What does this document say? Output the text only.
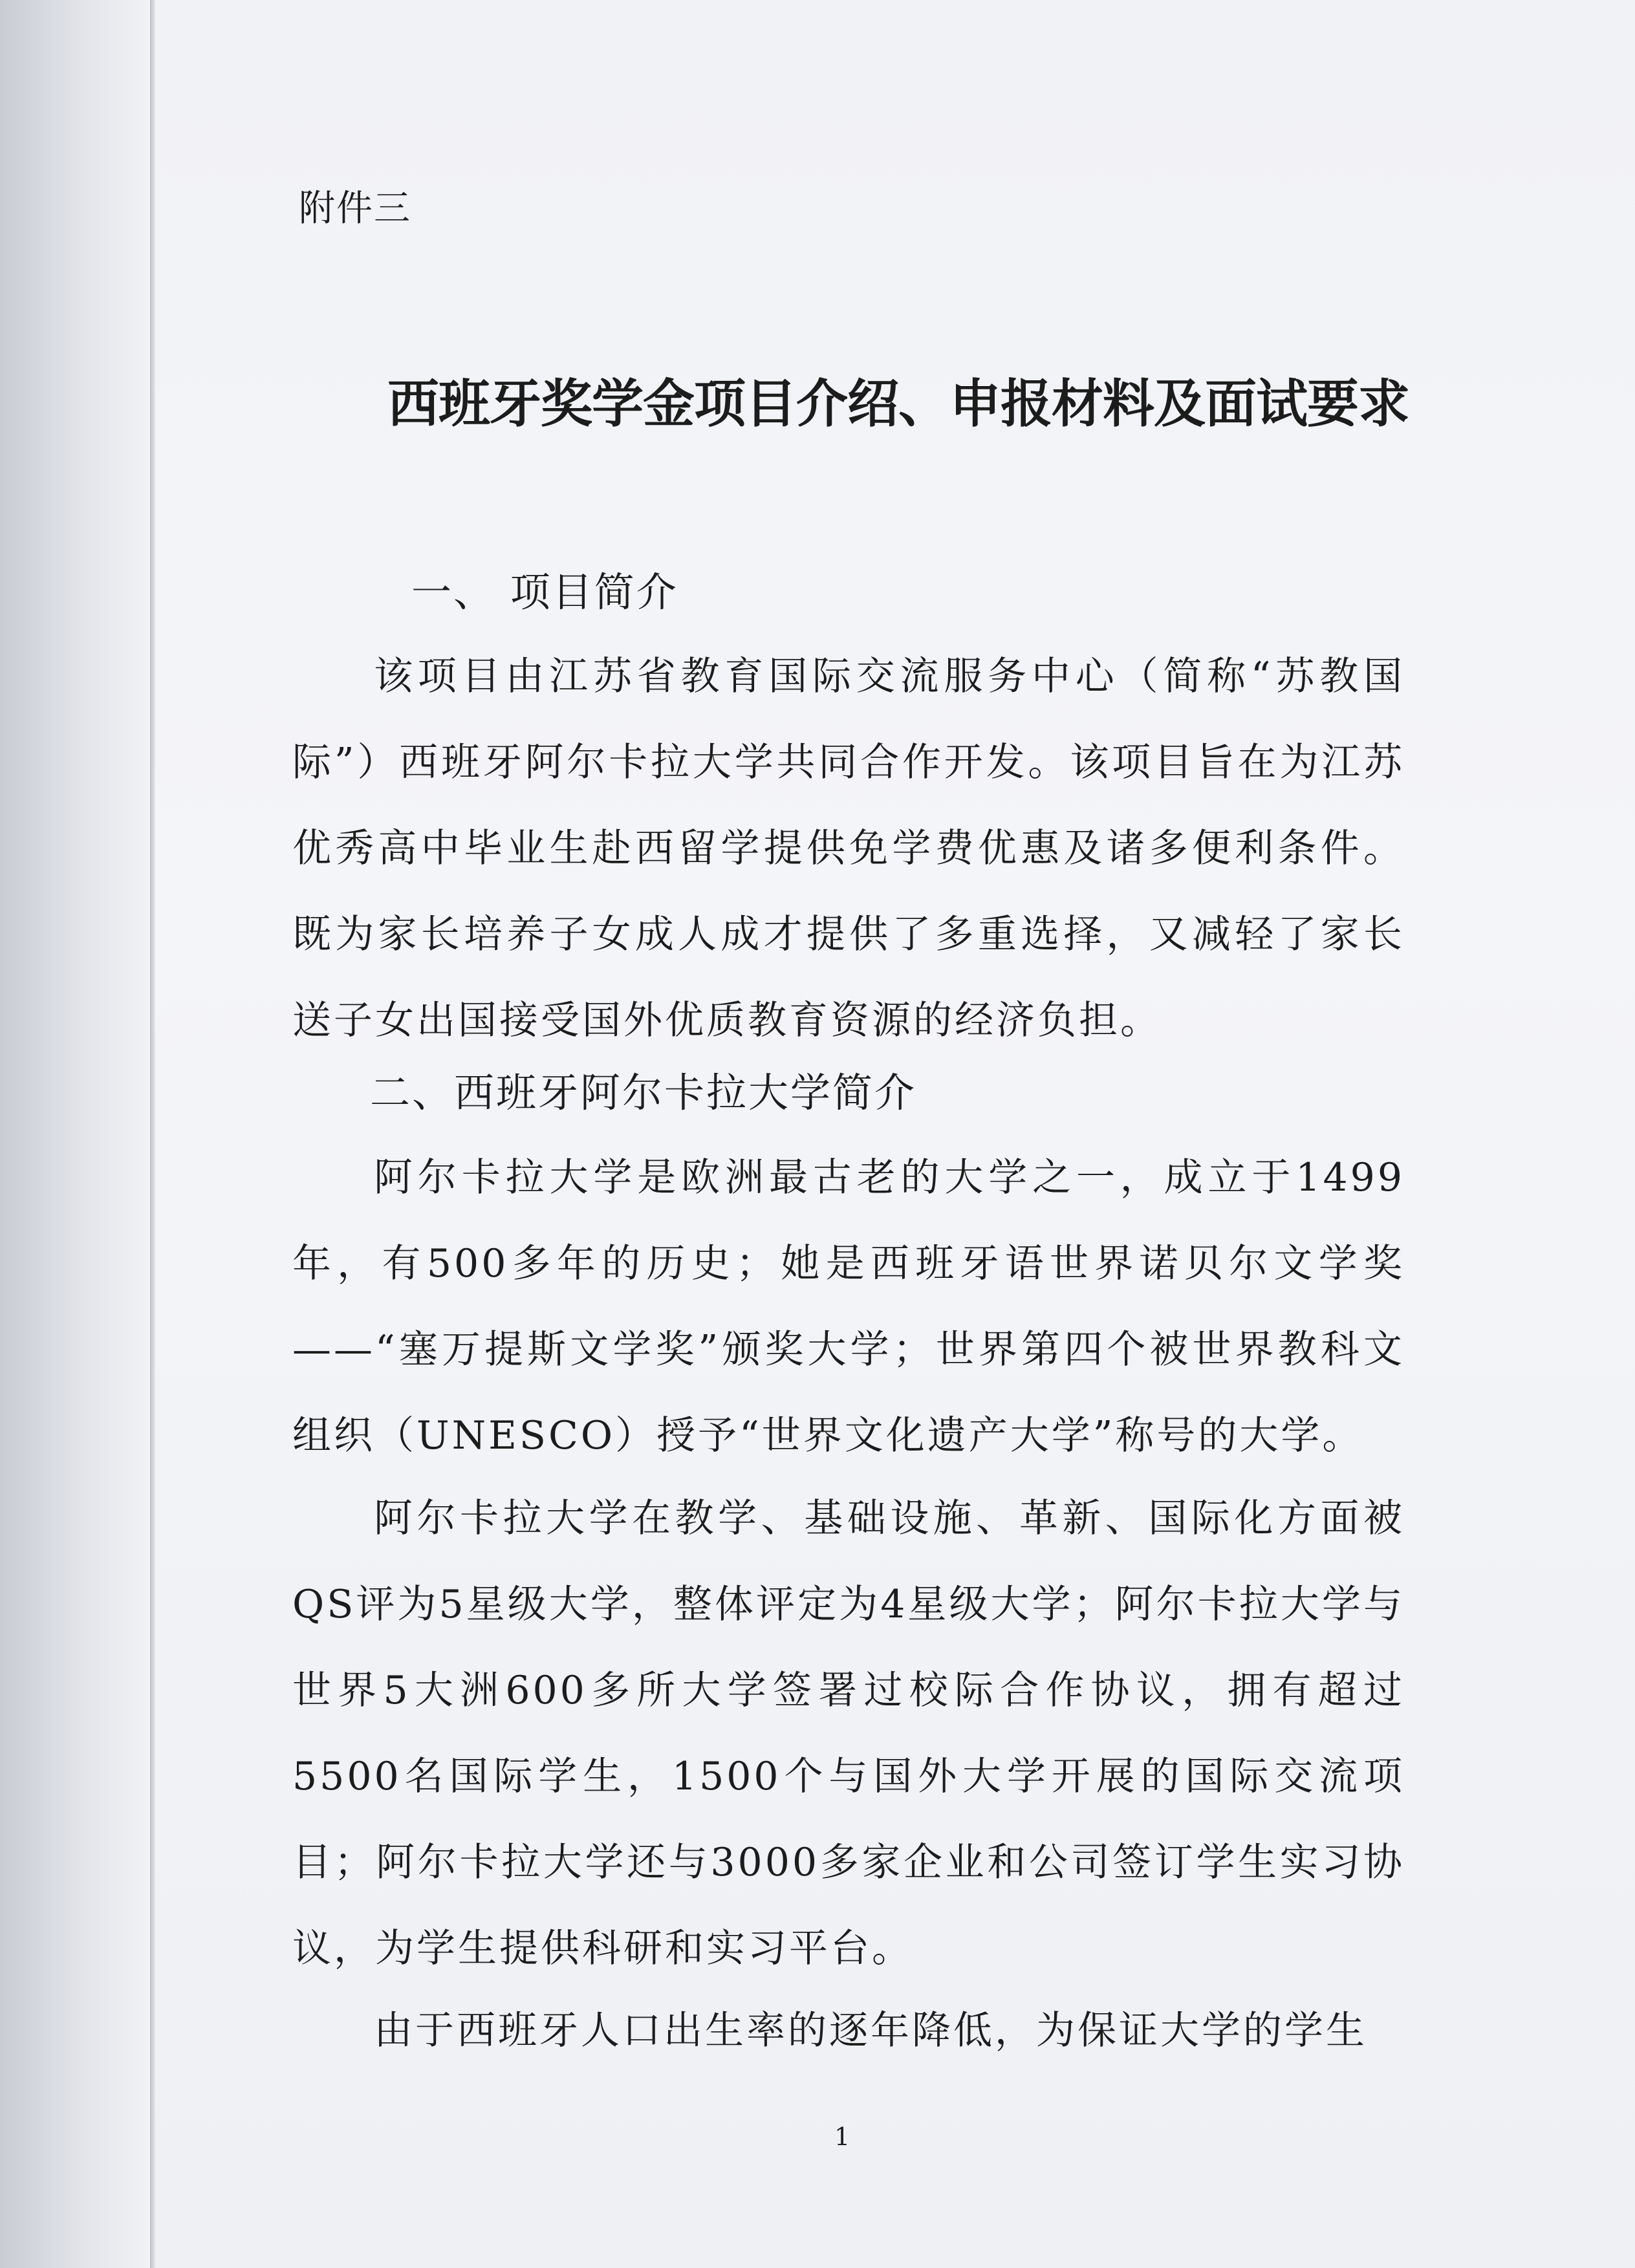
附件三
西班牙奖学金项目介绍、申报材料及面试要求
一、 项目简介
该项目由江苏省教育国际交流服务中心（简称“苏教国际”）西班牙阿尔卡拉大学共同合作开发。该项目旨在为江苏优秀高中毕业生赴西留学提供免学费优惠及诸多便利条件。既为家长培养子女成人成才提供了多重选择，又减轻了家长送子女出国接受国外优质教育资源的经济负担。
二、西班牙阿尔卡拉大学简介
阿尔卡拉大学是欧洲最古老的大学之一，成立于1499年，有500多年的历史；她是西班牙语世界诺贝尔文学奖——“塞万提斯文学奖”颁奖大学；世界第四个被世界教科文组织（UNESCO）授予“世界文化遗产大学”称号的大学。
阿尔卡拉大学在教学、基础设施、革新、国际化方面被QS评为5星级大学，整体评定为4星级大学；阿尔卡拉大学与世界5大洲600多所大学签署过校际合作协议，拥有超过5500名国际学生，1500个与国外大学开展的国际交流项目；阿尔卡拉大学还与3000多家企业和公司签订学生实习协议，为学生提供科研和实习平台。
由于西班牙人口出生率的逐年降低，为保证大学的学生
1
